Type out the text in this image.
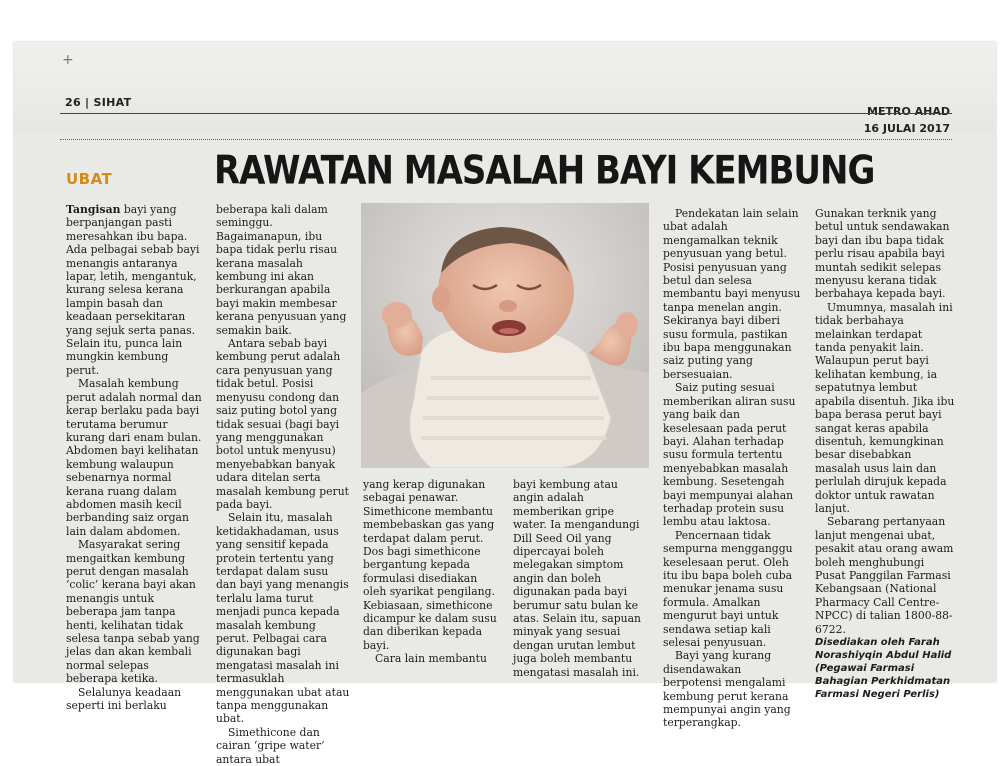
+
26 | SIHAT
METRO AHAD
16 JULAI 2017
UBAT	RAWATAN MASALAH BAYI KEMBUNG

Tangisan bayi yang berpanjangan pasti meresahkan ibu bapa. Ada pelbagai sebab bayi menangis antaranya lapar, letih, mengantuk, kurang selesa kerana lampin basah dan keadaan persekitaran yang sejuk serta panas. Selain itu, punca lain mungkin kembung perut.

Masalah kembung perut adalah normal dan kerap berlaku pada bayi terutama berumur kurang dari enam bulan. Abdomen bayi kelihatan kembung walaupun sebenarnya normal kerana ruang dalam abdomen masih kecil berbanding saiz organ lain dalam abdomen.

Masyarakat sering mengaitkan kembung perut dengan masalah ‘colic’ kerana bayi akan menangis untuk beberapa jam tanpa henti, kelihatan tidak selesa tanpa sebab yang jelas dan akan kembali normal selepas beberapa ketika.

Selalunya keadaan seperti ini berlaku

beberapa kali dalam seminggu. Bagaimanapun, ibu bapa tidak perlu risau kerana masalah kembung ini akan berkurangan apabila bayi makin membesar kerana penyusuan yang semakin baik.

Antara sebab bayi kembung perut adalah cara penyusuan yang tidak betul. Posisi menyusu condong dan saiz puting botol yang tidak sesuai (bagi bayi yang menggunakan botol untuk menyusu) menyebabkan banyak udara ditelan serta masalah kembung perut pada bayi.

Selain itu, masalah ketidakhadaman, usus yang sensitif kepada protein tertentu yang terdapat dalam susu dan bayi yang menangis terlalu lama turut menjadi punca kepada masalah kembung perut. Pelbagai cara digunakan bagi mengatasi masalah ini termasuklah menggunakan ubat atau tanpa menggunakan ubat.

Simethicone dan cairan ‘gripe water’ antara ubat

yang kerap digunakan sebagai penawar. Simethicone membantu membebaskan gas yang terdapat dalam perut. Dos bagi simethicone bergantung kepada formulasi disediakan oleh syarikat pengilang. Kebiasaan, simethicone dicampur ke dalam susu dan diberikan kepada bayi.

Cara lain membantu

bayi kembung atau angin adalah memberikan gripe water. Ia mengandungi Dill Seed Oil yang dipercayai boleh melegakan simptom angin dan boleh digunakan pada bayi berumur satu bulan ke atas. Selain itu, sapuan minyak yang sesuai dengan urutan lembut juga boleh membantu mengatasi masalah ini.

Pendekatan lain selain ubat adalah mengamalkan teknik penyusuan yang betul. Posisi penyusuan yang betul dan selesa membantu bayi menyusu tanpa menelan angin. Sekiranya bayi diberi susu formula, pastikan ibu bapa menggunakan saiz puting yang bersesuaian.

Saiz puting sesuai memberikan aliran susu yang baik dan keselesaan pada perut bayi. Alahan terhadap susu formula tertentu menyebabkan masalah kembung. Sesetengah bayi mempunyai alahan terhadap protein susu lembu atau laktosa.

Pencernaan tidak sempurna mengganggu keselesaan perut. Oleh itu ibu bapa boleh cuba menukar jenama susu formula. Amalkan mengurut bayi untuk sendawa setiap kali selesai penyusuan.

Bayi yang kurang disendawakan berpotensi mengalami kembung perut kerana mempunyai angin yang terperangkap.

Gunakan terknik yang betul untuk sendawakan bayi dan ibu bapa tidak perlu risau apabila bayi muntah sedikit selepas menyusu kerana tidak berbahaya kepada bayi.

Umumnya, masalah ini tidak berbahaya melainkan terdapat tanda penyakit lain. Walaupun perut bayi kelihatan kembung, ia sepatutnya lembut apabila disentuh. Jika ibu bapa berasa perut bayi sangat keras apabila disentuh, kemungkinan besar disebabkan masalah usus lain dan perlulah dirujuk kepada doktor untuk rawatan lanjut.

Sebarang pertanyaan lanjut mengenai ubat, pesakit atau orang awam boleh menghubungi Pusat Panggilan Farmasi Kebangsaan (National Pharmacy Call Centre- NPCC) di talian 1800-88-6722.

Disediakan oleh Farah Norashiyqin Abdul Halid (Pegawai Farmasi Bahagian Perkhidmatan Farmasi Negeri Perlis)
